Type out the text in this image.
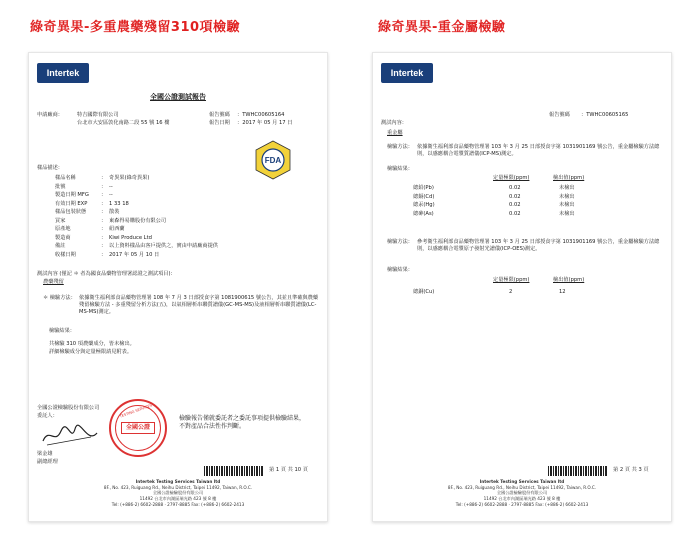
綠奇異果-多重農藥殘留310項檢驗	綠奇異果-重金屬檢驗
Intertek
全國公證測試報告
申請廠商：	特吉國際有限公司
台北市大安區敦化南路二段 55 號 16 樓
報告號碼 ：TWHC00605164
報告日期 ：2017 年 05 月 17 日
FDA
樣品描述：
樣品名稱	： 奇異果(綠奇異果)
批號	： --
製造日期 MFG ： --
有效日期 EXP	： 1 33 18
樣品包裝狀態	： 散裝
買家	： 東森得易購股份有限公司
原產地	： 紐西蘭
製造商	： Kiwi Produce Ltd
備註	： 以上資料樣品由客戶提供之，實由申請廠商提供
收樣日期	： 2017 年 05 月 10 日
測試內容 (僅記 ＊ 者為國食品藥物管理署認證之測試項目)：
農藥殘留
＊ 檢驗方法： 依據衛生福利部食品藥物管理署 108 年 7 月 3 日部授食字第 1081900615 號公告，其並且準確與農藥殘留檢驗方法 - 多重殘留分析方法(五)，以氣相層析串聯質譜儀(GC-MS-MS)及液相層析串聯質譜儀(LC-MS-MS)測定。
檢驗結果：
共檢驗 310 項農藥成分，皆未檢出。
詳細檢驗成分與定量極限請見附表。
全國公證檢驗股份有限公司
委託人：	TESTING SERVICES
全國公證
梁金雄
副總經理
檢驗報告僅就委託者之委託事項提供檢驗結果，不對產品合法性作判斷。
第 1 頁 共 10 頁
Intertek Testing Services Taiwan ltd
8F., No. 423, Ruiguang Rd., Neihu District, Taipei 11492, Taiwan, R.O.C.
全國公證檢驗股份有限公司
11492 台北市內湖區瑞光路 423 號 8 樓
Tel: (+886-2) 6602-2888 · 2797-8885 Fax: (+886-2) 6602-2413
Intertek
報告號碼 ：TWHC00605165
測試內容：
重金屬
檢驗方法： 依據衛生福利部食品藥物管理署 103 年 3 月 25 日部授食字第 1031901169 號公告，重金屬檢驗方法總則，以感應耦合電漿質譜儀(ICP-MS)測定。
檢驗結果：
定量極限(ppm)	檢出值(ppm)
總鉛(Pb)	0.02	未檢出
總鎘(Cd)	0.02	未檢出
總汞(Hg)	0.02	未檢出
總砷(As)	0.02	未檢出
檢驗方法： 參考衛生福利部食品藥物管理署 103 年 3 月 25 日部授食字第 1031901169 號公告，重金屬檢驗方法總則，以感應耦合電漿原子發射光譜儀(ICP-OES)測定。
檢驗結果：
定量極限(ppm)	檢出值(ppm)
總銅(Cu)	2	12
第 2 頁 共 3 頁
Intertek Testing Services Taiwan ltd
8F., No. 423, Ruiguang Rd., Neihu District, Taipei 11492, Taiwan, R.O.C.
全國公證檢驗股份有限公司
11492 台北市內湖區瑞光路 423 號 8 樓
Tel: (+886-2) 6602-2888 · 2797-8885 Fax: (+886-2) 6602-2413
